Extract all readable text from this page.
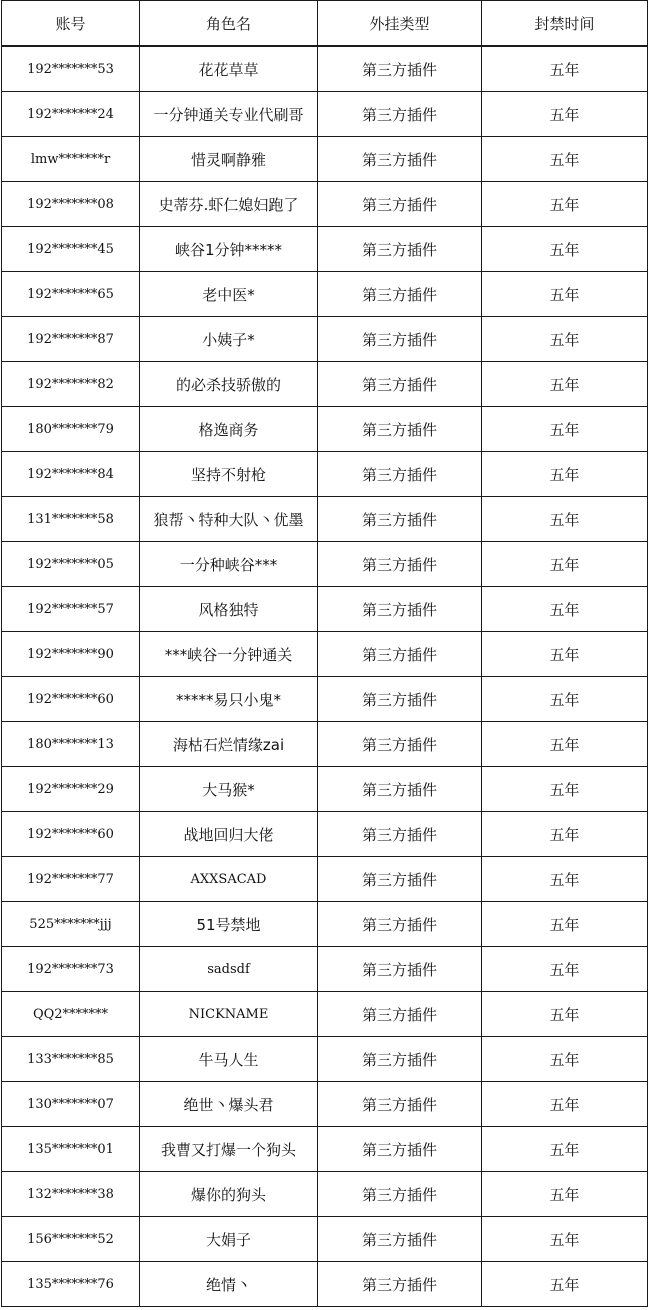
账号	角色名	外挂类型	封禁时间
192*******53	花花草草	第三方插件	五年
192*******24	一分钟通关专业代刷哥	第三方插件	五年
lmw*******r	惜灵啊静雅	第三方插件	五年
192*******08	史蒂芬.虾仁媳妇跑了	第三方插件	五年
192*******45	峡谷1分钟*****	第三方插件	五年
192*******65	老中医*	第三方插件	五年
192*******87	小姨子*	第三方插件	五年
192*******82	的必杀技骄傲的	第三方插件	五年
180*******79	格逸商务	第三方插件	五年
192*******84	坚持不射枪	第三方插件	五年
131*******58	狼帮丶特种大队丶优墨	第三方插件	五年
192*******05	一分种峡谷***	第三方插件	五年
192*******57	风格独特	第三方插件	五年
192*******90	***峡谷一分钟通关	第三方插件	五年
192*******60	*****易只小鬼*	第三方插件	五年
180*******13	海枯石烂情缘zai	第三方插件	五年
192*******29	大马猴*	第三方插件	五年
192*******60	战地回归大佬	第三方插件	五年
192*******77	AXXSACAD	第三方插件	五年
525*******jjj	51号禁地	第三方插件	五年
192*******73	sadsdf	第三方插件	五年
QQ2*******	NICKNAME	第三方插件	五年
133*******85	牛马人生	第三方插件	五年
130*******07	绝世丶爆头君	第三方插件	五年
135*******01	我曹又打爆一个狗头	第三方插件	五年
132*******38	爆你的狗头	第三方插件	五年
156*******52	大娟子	第三方插件	五年
135*******76	绝情丶	第三方插件	五年
